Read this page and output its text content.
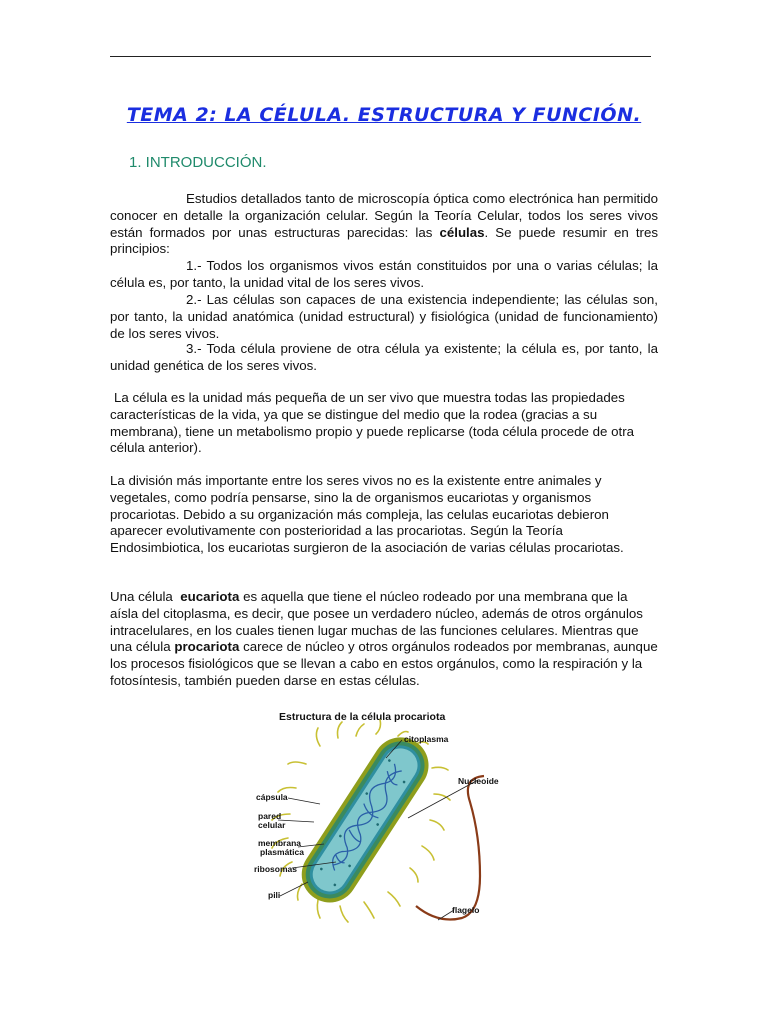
TEMA 2: LA CÉLULA. ESTRUCTURA Y FUNCIÓN.
1. INTRODUCCIÓN.

Estudios detallados tanto de microscopía óptica como electrónica han permitido conocer en detalle la organización celular. Según la Teoría Celular, todos los seres vivos están formados por unas estructuras parecidas: las células. Se puede resumir en tres principios:

1.- Todos los organismos vivos están constituidos por una o varias células; la célula es, por tanto, la unidad vital de los seres vivos.

2.- Las células son capaces de una existencia independiente; las células son, por tanto, la unidad anatómica (unidad estructural) y fisiológica (unidad de funcionamiento) de los seres vivos.

3.- Toda célula proviene de otra célula ya existente; la célula es, por tanto, la unidad genética de los seres vivos.

La célula es la unidad más pequeña de un ser vivo que muestra todas las propiedades características de la vida, ya que se distingue del medio que la rodea (gracias a su membrana), tiene un metabolismo propio y puede replicarse (toda célula procede de otra célula anterior).

La división más importante entre los seres vivos no es la existente entre animales y vegetales, como podría pensarse, sino la de organismos eucariotas y organismos procariotas. Debido a su organización más compleja, las celulas eucariotas debieron aparecer evolutivamente con posterioridad a las procariotas. Según la Teoría Endosimbiotica, los eucariotas surgieron de la asociación de varias células procariotas.

Una célula eucariota es aquella que tiene el núcleo rodeado por una membrana que la aísla del citoplasma, es decir, que posee un verdadero núcleo, además de otros orgánulos intracelulares, en los cuales tienen lugar muchas de las funciones celulares. Mientras que una célula procariota carece de núcleo y otros orgánulos rodeados por membranas, aunque los procesos fisiológicos que se llevan a cabo en estos orgánulos, como la respiración y la fotosíntesis, también pueden darse en estas células.

Estructura de la célula procariota
citoplasma
Nucleoide
cápsula
pared
celular
membrana
plasmática
ribosomas
pili
flagelo
